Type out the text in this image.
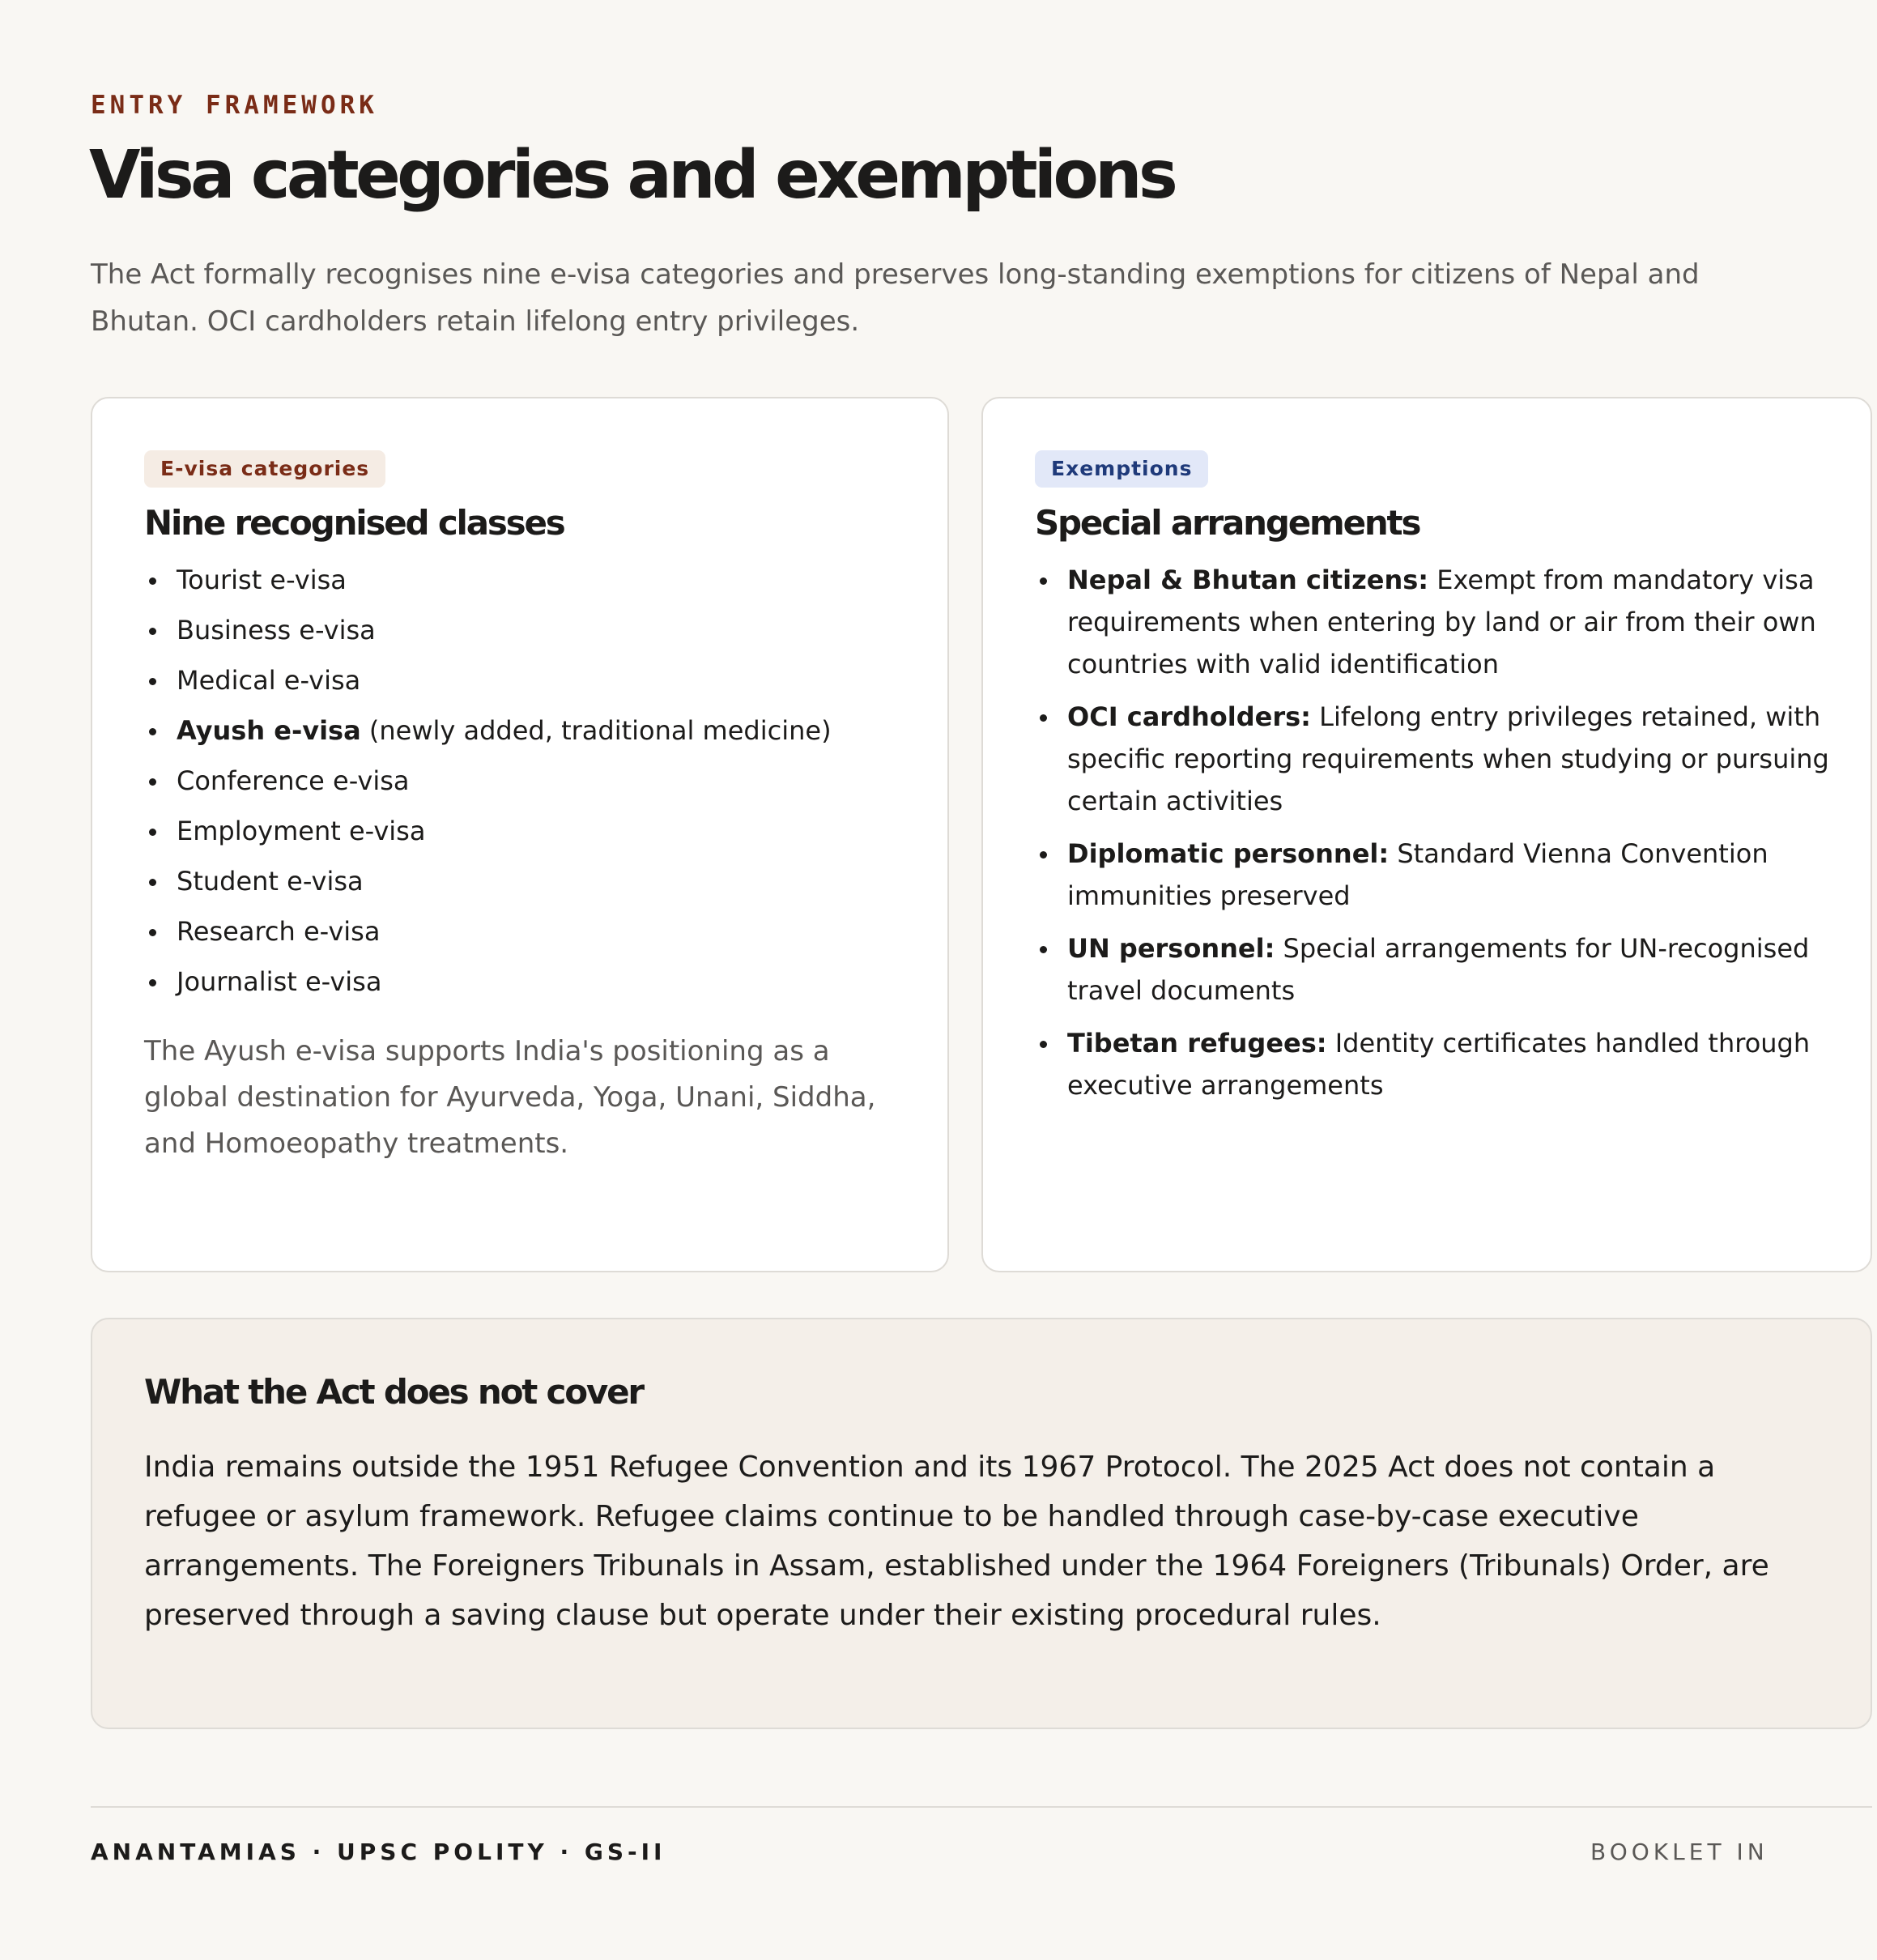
ENTRY FRAMEWORK
Visa categories and exemptions

The Act formally recognises nine e-visa categories and preserves long-standing exemptions for citizens of Nepal and Bhutan. OCI cardholders retain lifelong entry privileges.

E-visa categories
Nine recognised classes
Tourist e-visa
Business e-visa
Medical e-visa
Ayush e-visa (newly added, traditional medicine)
Conference e-visa
Employment e-visa
Student e-visa
Research e-visa
Journalist e-visa

The Ayush e-visa supports India's positioning as a global destination for Ayurveda, Yoga, Unani, Siddha, and Homoeopathy treatments.

Exemptions
Special arrangements
Nepal & Bhutan citizens: Exempt from mandatory visa requirements when entering by land or air from their own countries with valid identification
OCI cardholders: Lifelong entry privileges retained, with specific reporting requirements when studying or pursuing certain activities
Diplomatic personnel: Standard Vienna Convention immunities preserved
UN personnel: Special arrangements for UN-recognised travel documents
Tibetan refugees: Identity certificates handled through executive arrangements
What the Act does not cover

India remains outside the 1951 Refugee Convention and its 1967 Protocol. The 2025 Act does not contain a refugee or asylum framework. Refugee claims continue to be handled through case-by-case executive arrangements. The Foreigners Tribunals in Assam, established under the 1964 Foreigners (Tribunals) Order, are preserved through a saving clause but operate under their existing procedural rules.

ANANTAMIAS · UPSC POLITY · GS-II	BOOKLET IN
